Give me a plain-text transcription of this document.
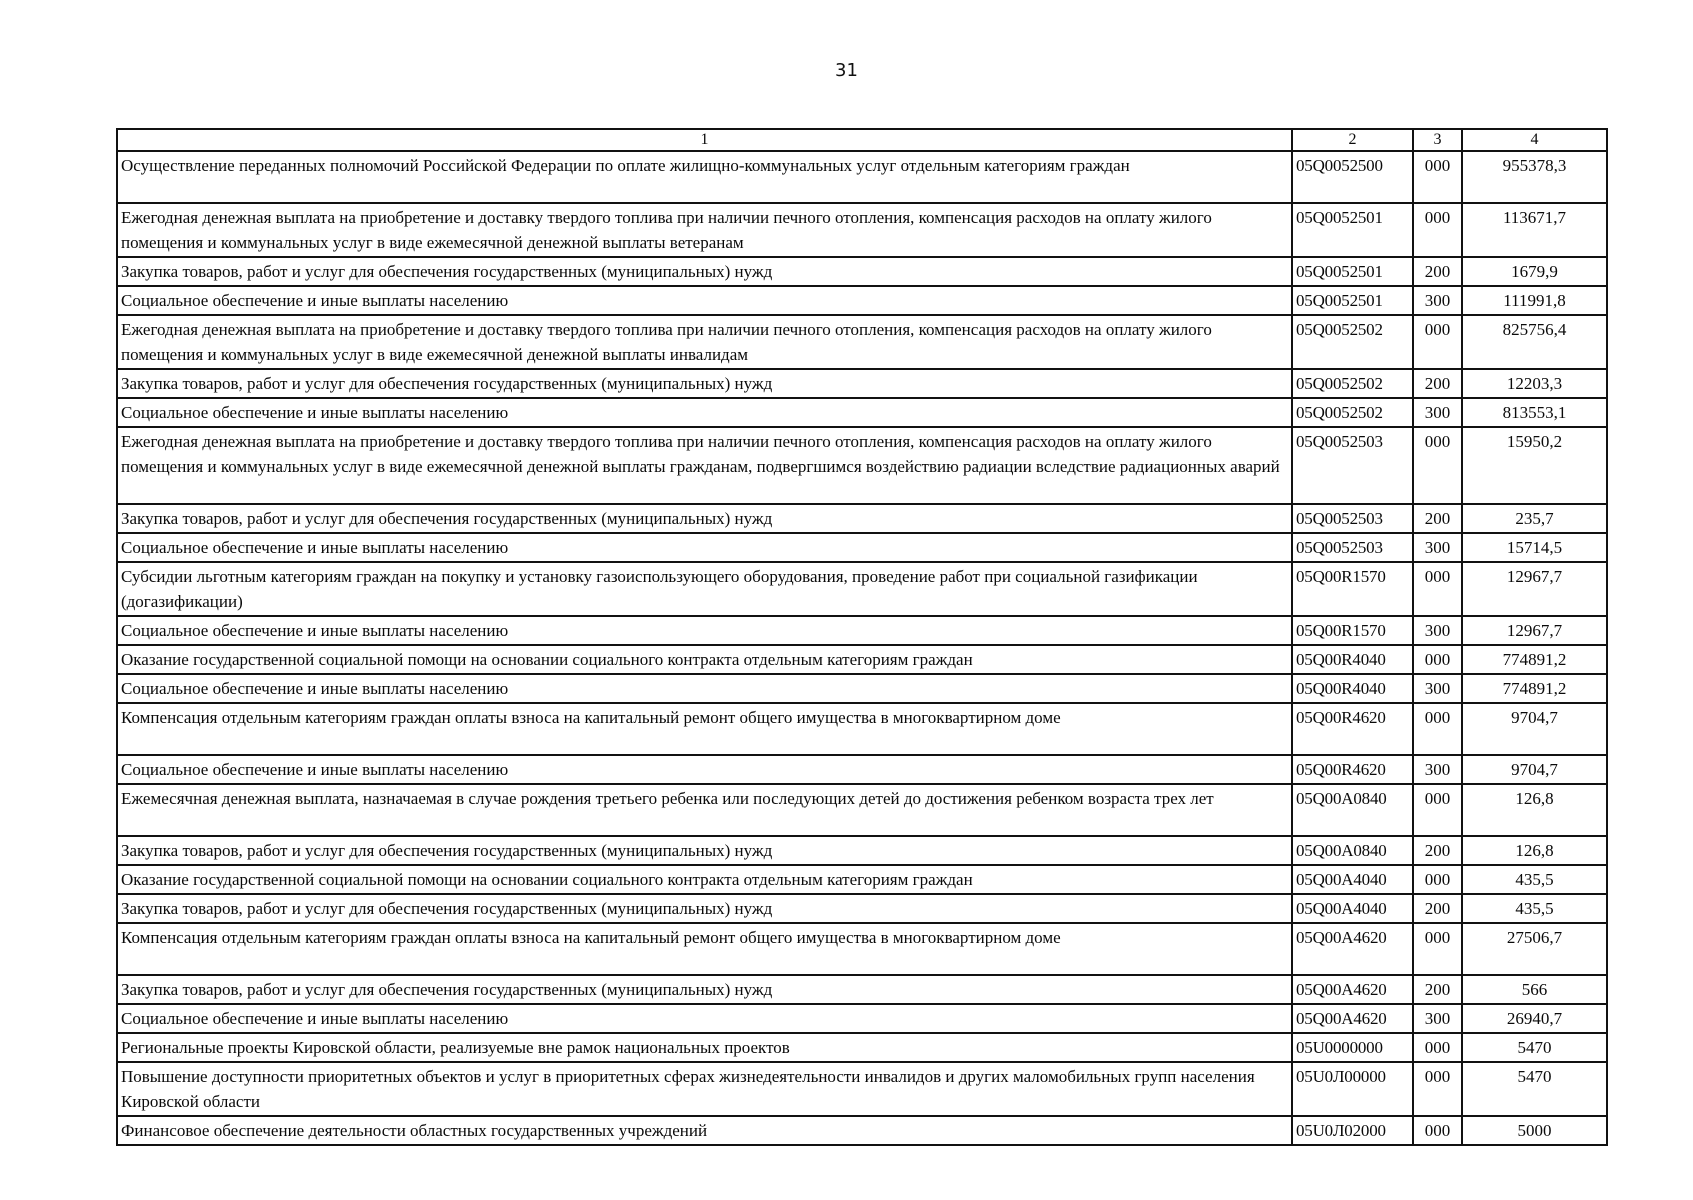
31
1	2	3	4
Осуществление переданных полномочий Российской Федерации по оплате жилищно-коммунальных услуг отдельным категориям граждан	05Q0052500	000	955378,3
Ежегодная денежная выплата на приобретение и доставку твердого топлива при наличии печного отопления, компенсация расходов на оплату жилого помещения и коммунальных услуг в виде ежемесячной денежной выплаты ветеранам	05Q0052501	000	113671,7
Закупка товаров, работ и услуг для обеспечения государственных (муниципальных) нужд	05Q0052501	200	1679,9
Социальное обеспечение и иные выплаты населению	05Q0052501	300	111991,8
Ежегодная денежная выплата на приобретение и доставку твердого топлива при наличии печного отопления, компенсация расходов на оплату жилого помещения и коммунальных услуг в виде ежемесячной денежной выплаты инвалидам	05Q0052502	000	825756,4
Закупка товаров, работ и услуг для обеспечения государственных (муниципальных) нужд	05Q0052502	200	12203,3
Социальное обеспечение и иные выплаты населению	05Q0052502	300	813553,1
Ежегодная денежная выплата на приобретение и доставку твердого топлива при наличии печного отопления, компенсация расходов на оплату жилого помещения и коммунальных услуг в виде ежемесячной денежной выплаты гражданам, подвергшимся воздействию радиации вследствие радиационных аварий	05Q0052503	000	15950,2
Закупка товаров, работ и услуг для обеспечения государственных (муниципальных) нужд	05Q0052503	200	235,7
Социальное обеспечение и иные выплаты населению	05Q0052503	300	15714,5
Субсидии льготным категориям граждан на покупку и установку газоиспользующего оборудования, проведение работ при социальной газификации (догазификации)	05Q00R1570	000	12967,7
Социальное обеспечение и иные выплаты населению	05Q00R1570	300	12967,7
Оказание государственной социальной помощи на основании социального контракта отдельным категориям граждан	05Q00R4040	000	774891,2
Социальное обеспечение и иные выплаты населению	05Q00R4040	300	774891,2
Компенсация отдельным категориям граждан оплаты взноса на капитальный ремонт общего имущества в многоквартирном доме	05Q00R4620	000	9704,7
Социальное обеспечение и иные выплаты населению	05Q00R4620	300	9704,7
Ежемесячная денежная выплата, назначаемая в случае рождения третьего ребенка или последующих детей до достижения ребенком возраста трех лет	05Q00A0840	000	126,8
Закупка товаров, работ и услуг для обеспечения государственных (муниципальных) нужд	05Q00A0840	200	126,8
Оказание государственной социальной помощи на основании социального контракта отдельным категориям граждан	05Q00A4040	000	435,5
Закупка товаров, работ и услуг для обеспечения государственных (муниципальных) нужд	05Q00A4040	200	435,5
Компенсация отдельным категориям граждан оплаты взноса на капитальный ремонт общего имущества в многоквартирном доме	05Q00A4620	000	27506,7
Закупка товаров, работ и услуг для обеспечения государственных (муниципальных) нужд	05Q00A4620	200	566
Социальное обеспечение и иные выплаты населению	05Q00A4620	300	26940,7
Региональные проекты Кировской области, реализуемые вне рамок национальных проектов	05U0000000	000	5470
Повышение доступности приоритетных объектов и услуг в приоритетных сферах жизнедеятельности инвалидов и других маломобильных групп населения Кировской области	05U0Л00000	000	5470
Финансовое обеспечение деятельности областных государственных учреждений	05U0Л02000	000	5000
